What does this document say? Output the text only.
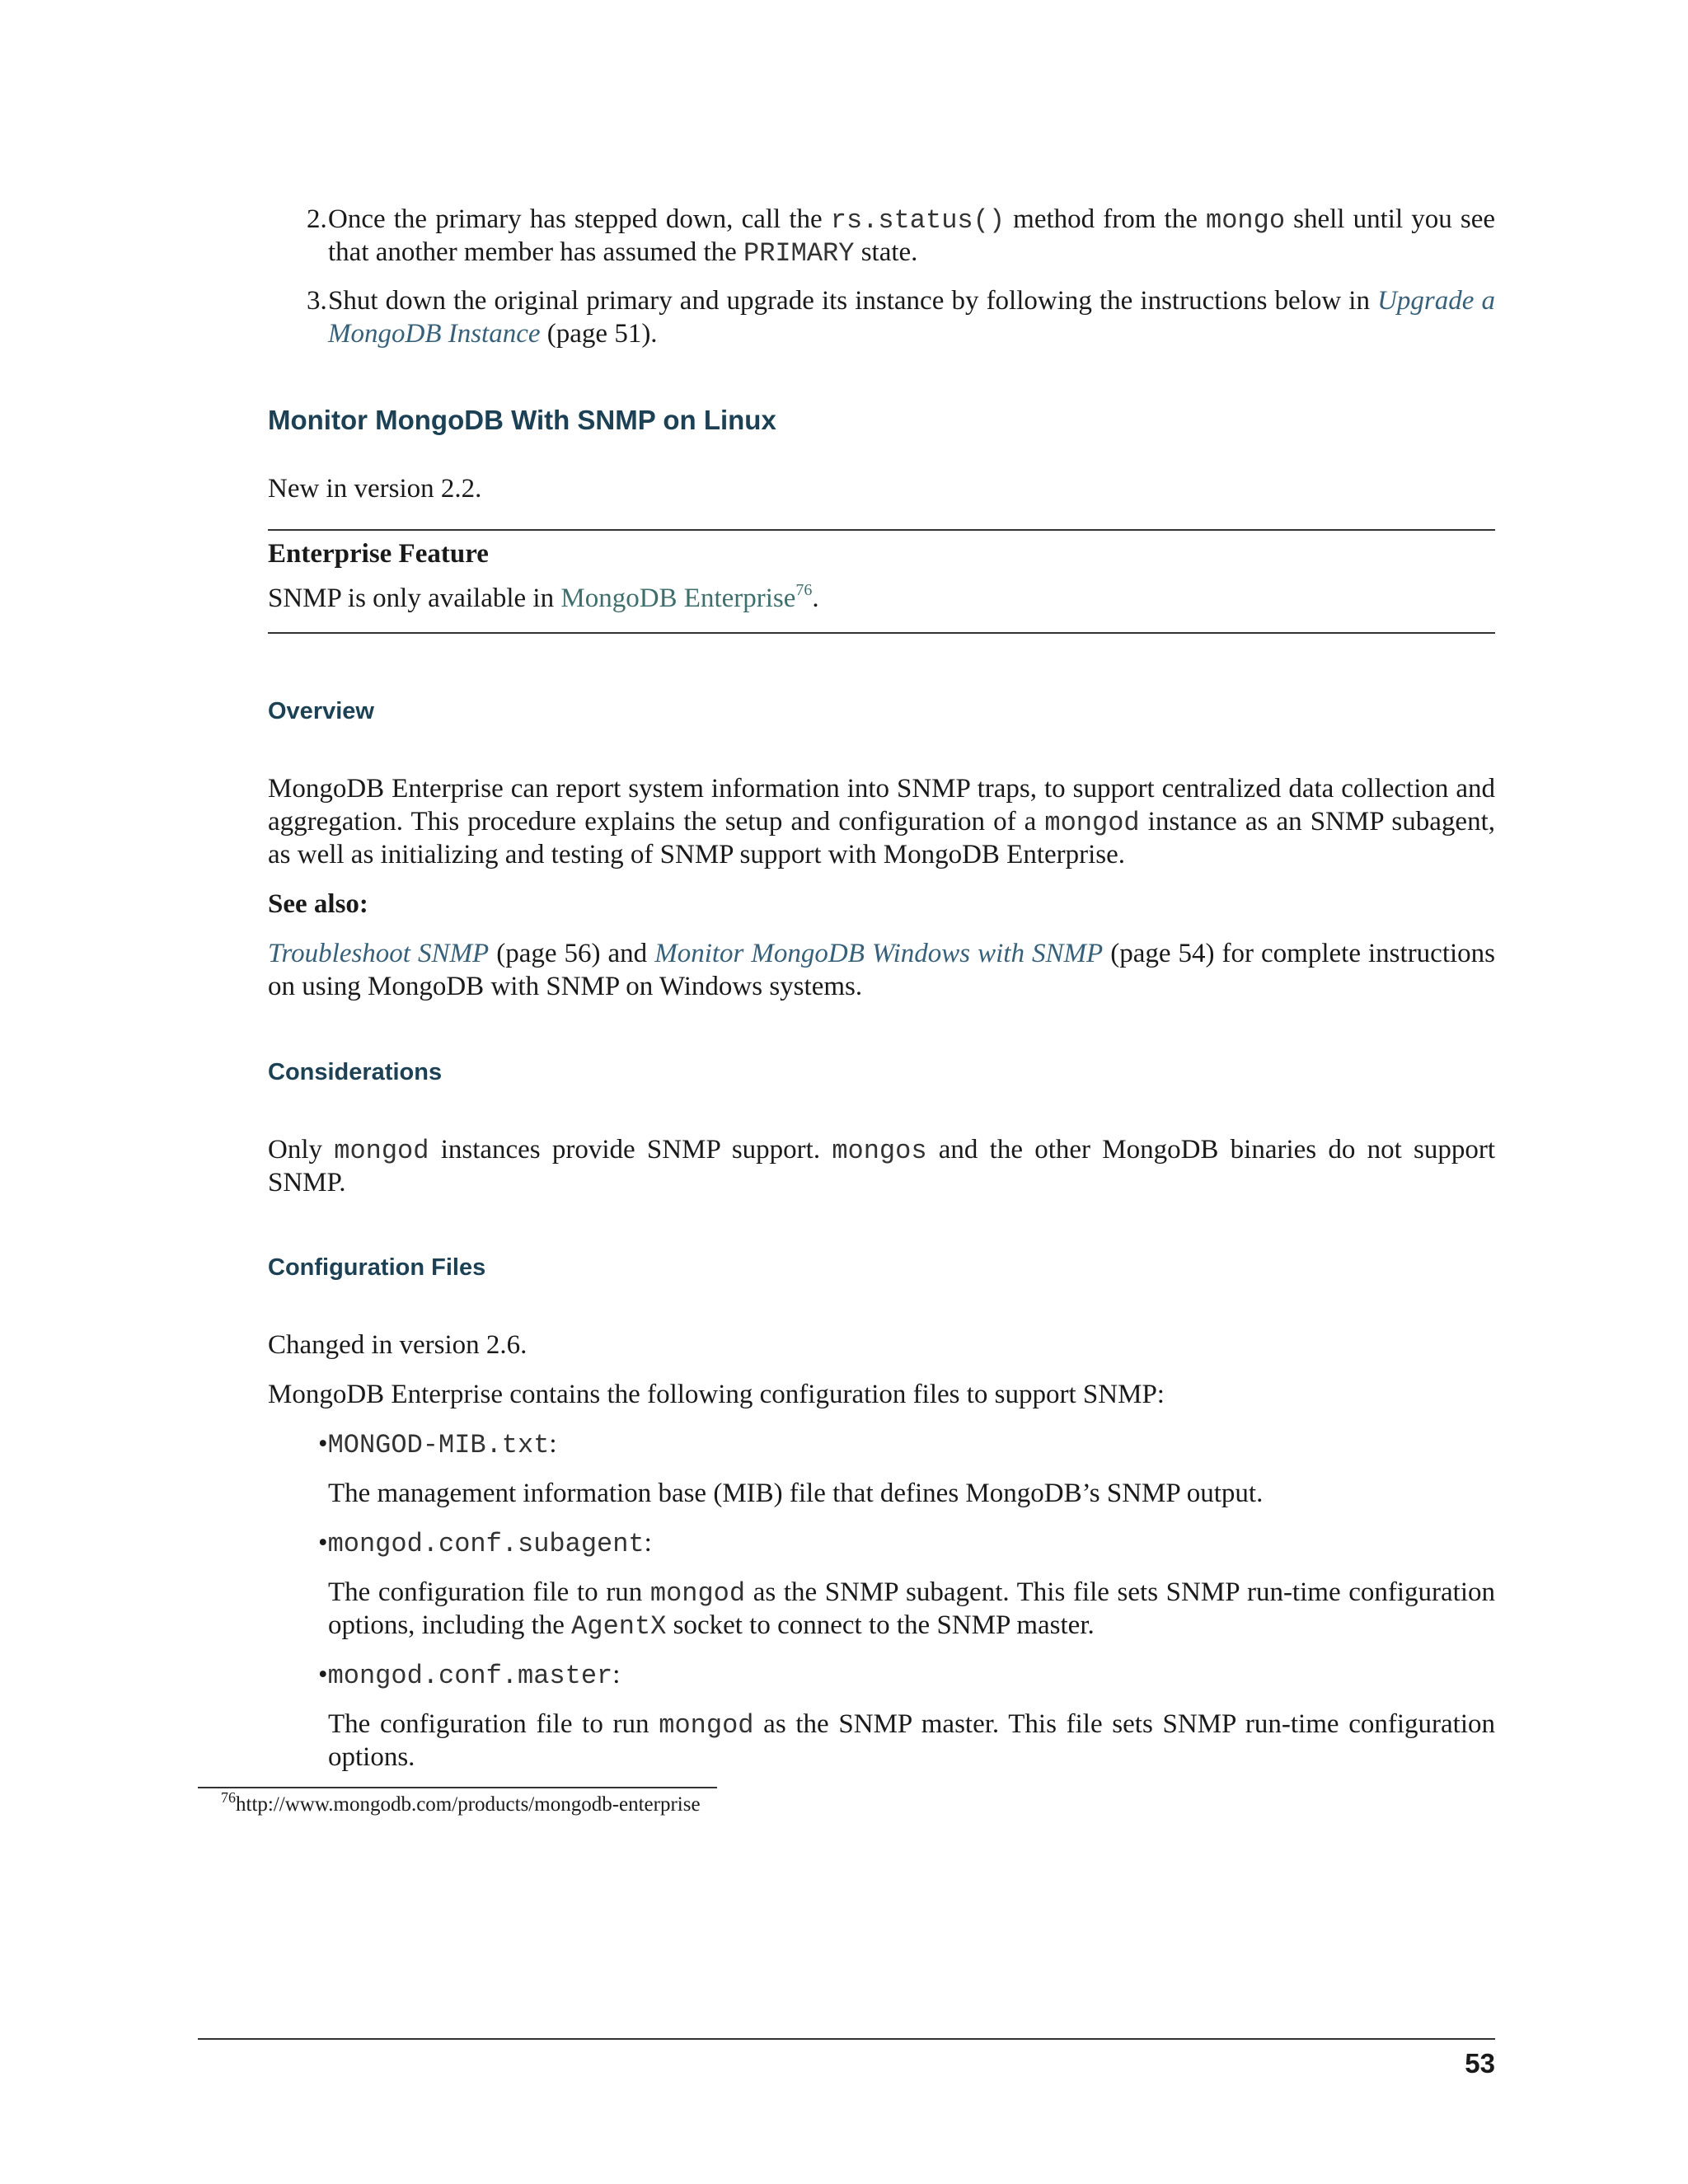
2. Once the primary has stepped down, call the rs.status() method from the mongo shell until you see
that another member has assumed the PRIMARY state.
3. Shut down the original primary and upgrade its instance by following the instructions below in Upgrade a
MongoDB Instance (page 51).
Monitor MongoDB With SNMP on Linux
New in version 2.2.
Enterprise Feature
SNMP is only available in MongoDB Enterprise$^{76}$.
Overview
MongoDB Enterprise can report system information into SNMP traps, to support centralized data collection and
aggregation. This procedure explains the setup and configuration of a mongod instance as an SNMP subagent,
as well as initializing and testing of SNMP support with MongoDB Enterprise.
See also:
Troubleshoot SNMP (page 56) and Monitor MongoDB Windows with SNMP (page 54) for complete instructions
on using MongoDB with SNMP on Windows systems.
Considerations
Only mongod instances provide SNMP support. mongos and the other MongoDB binaries do not support
SNMP.
Configuration Files
Changed in version 2.6.
MongoDB Enterprise contains the following configuration files to support SNMP:
•MONGOD-MIB.txt:
The management information base (MIB) file that defines MongoDB’s SNMP output.
•mongod.conf.subagent:
The configuration file to run mongod as the SNMP subagent. This file sets SNMP run-time configuration
options, including the AgentX socket to connect to the SNMP master.
•mongod.conf.master:
The configuration file to run mongod as the SNMP master. This file sets SNMP run-time configuration
options.
$^{76}$http://www.mongodb.com/products/mongodb-enterprise
53
